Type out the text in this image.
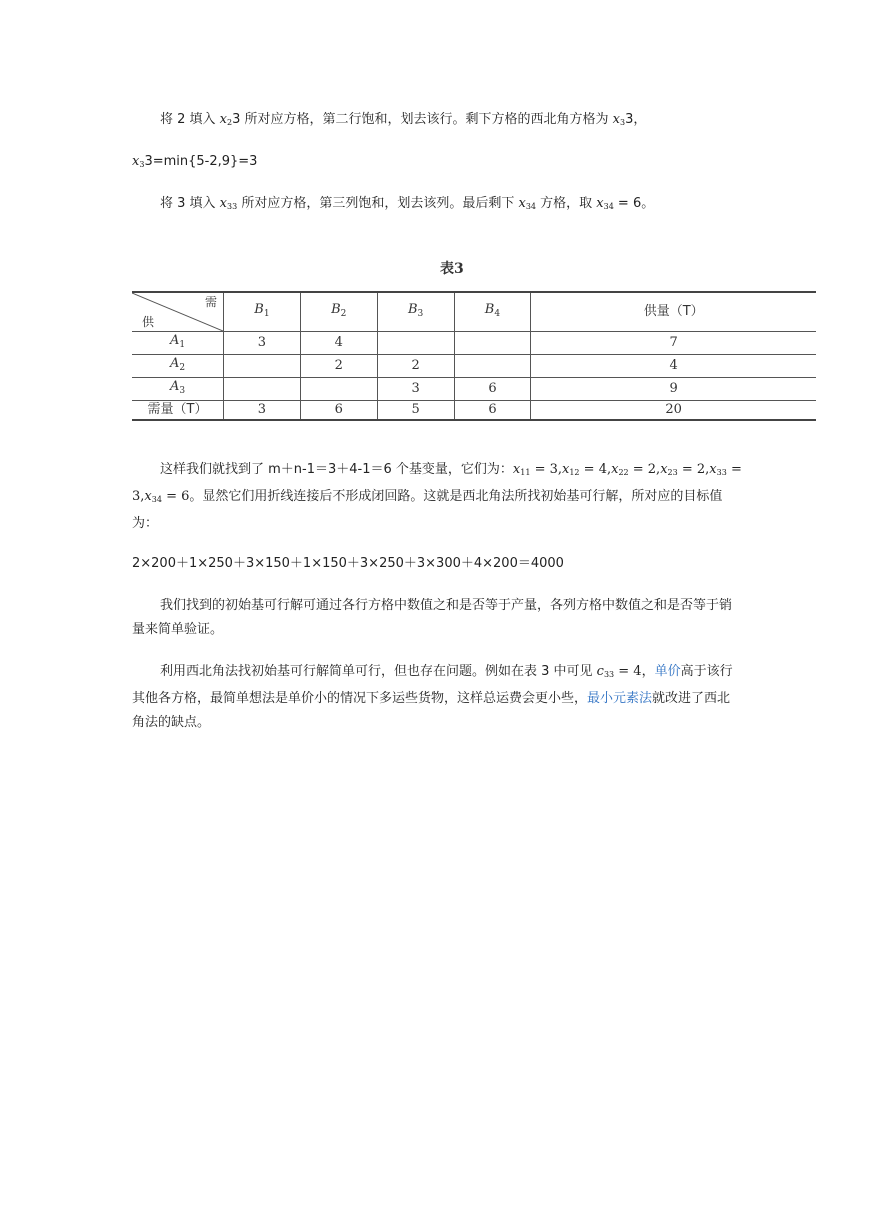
将 2 填入 $x_23$ 所对应方格，第二行饱和，划去该行。剩下方格的西北角方格为 $x_33$，

$x_33=\min\{5-2,9\}=3$

将 3 填入 $x_{33}$ 所对应方格，第三列饱和，划去该列。最后剩下 $x_{34}$ 方格，取 $x_{34} = 6$。

表3
需
供	$B_1$	$B_2$	$B_3$	$B_4$	供量（T）
$A_1$	3	4			7
$A_2$		2	2		4
$A_3$			3	6	9
需量（T）	3	6	5	6	20

这样我们就找到了 m＋n-1＝3＋4-1＝6 个基变量，它们为：$x_{11} = 3,x_{12} = 4,x_{22} = 2,x_{23} = 2,x_{33} = 3,x_{34} = 6$。显然它们用折线连接后不形成闭回路。这就是西北角法所找初始基可行解，所对应的目标值为：

2×200＋1×250＋3×150＋1×150＋3×250＋3×300＋4×200＝4000

我们找到的初始基可行解可通过各行方格中数值之和是否等于产量，各列方格中数值之和是否等于销量来简单验证。

利用西北角法找初始基可行解简单可行，但也存在问题。例如在表 3 中可见 $c_{33} = 4$，单价高于该行其他各方格，最简单想法是单价小的情况下多运些货物，这样总运费会更小些，最小元素法就改进了西北角法的缺点。
